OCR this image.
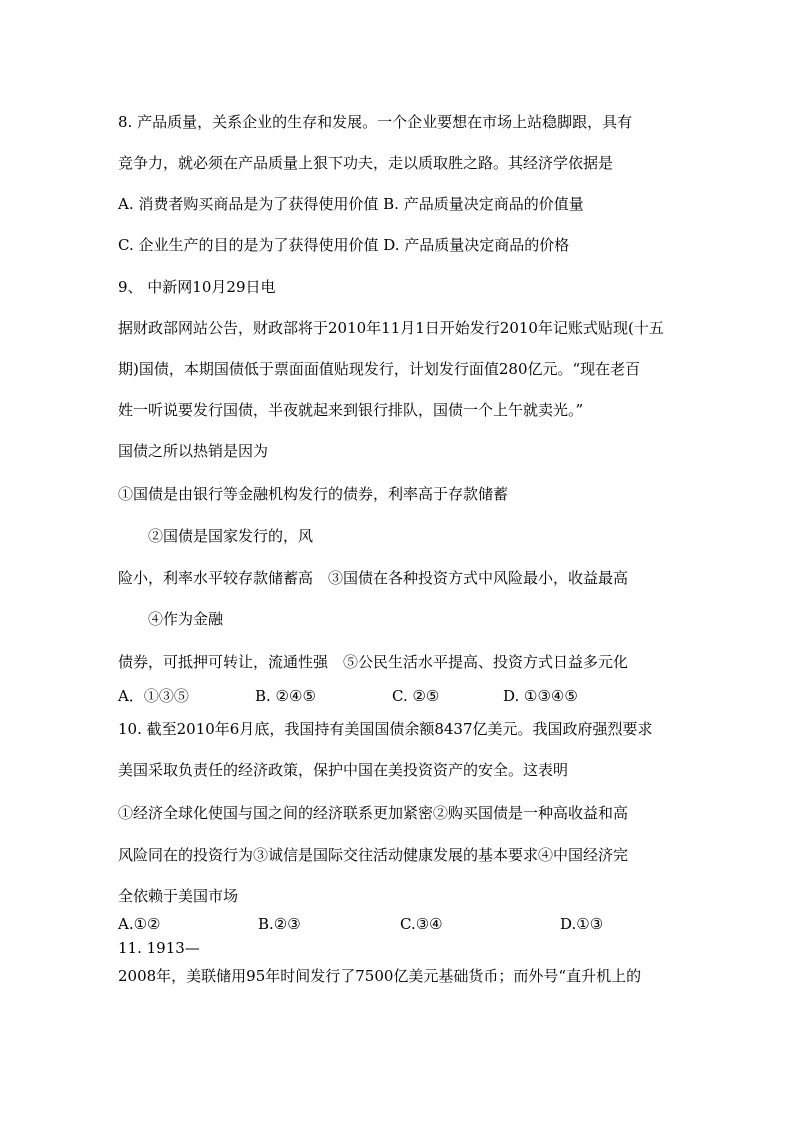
8. 产品质量，关系企业的生存和发展。一个企业要想在市场上站稳脚跟，具有
竞争力，就必须在产品质量上狠下功夫，走以质取胜之路。其经济学依据是
A. 消费者购买商品是为了获得使用价值 B. 产品质量决定商品的价值量
C. 企业生产的目的是为了获得使用价值 D. 产品质量决定商品的价格
9、 中新网10月29日电
据财政部网站公告，财政部将于2010年11月1日开始发行2010年记账式贴现(十五
期)国债，本期国债低于票面面值贴现发行，计划发行面值280亿元。“现在老百
姓一听说要发行国债，半夜就起来到银行排队，国债一个上午就卖光。”
国债之所以热销是因为
①国债是由银行等金融机构发行的债券，利率高于存款储蓄
②国债是国家发行的，风
险小，利率水平较存款储蓄高　③国债在各种投资方式中风险最小，收益最高
④作为金融
债券，可抵押可转让，流通性强　⑤公民生活水平提高、投资方式日益多元化
A．①③⑤	B. ②④⑤	C. ②⑤	D. ①③④⑤
10. 截至2010年6月底，我国持有美国国债余额8437亿美元。我国政府强烈要求
美国采取负责任的经济政策，保护中国在美投资资产的安全。这表明
①经济全球化使国与国之间的经济联系更加紧密②购买国债是一种高收益和高
风险同在的投资行为③诚信是国际交往活动健康发展的基本要求④中国经济完
全依赖于美国市场
A.①②	B.②③	C.③④	D.①③
11. 1913—
2008年，美联储用95年时间发行了7500亿美元基础货币；而外号“直升机上的
